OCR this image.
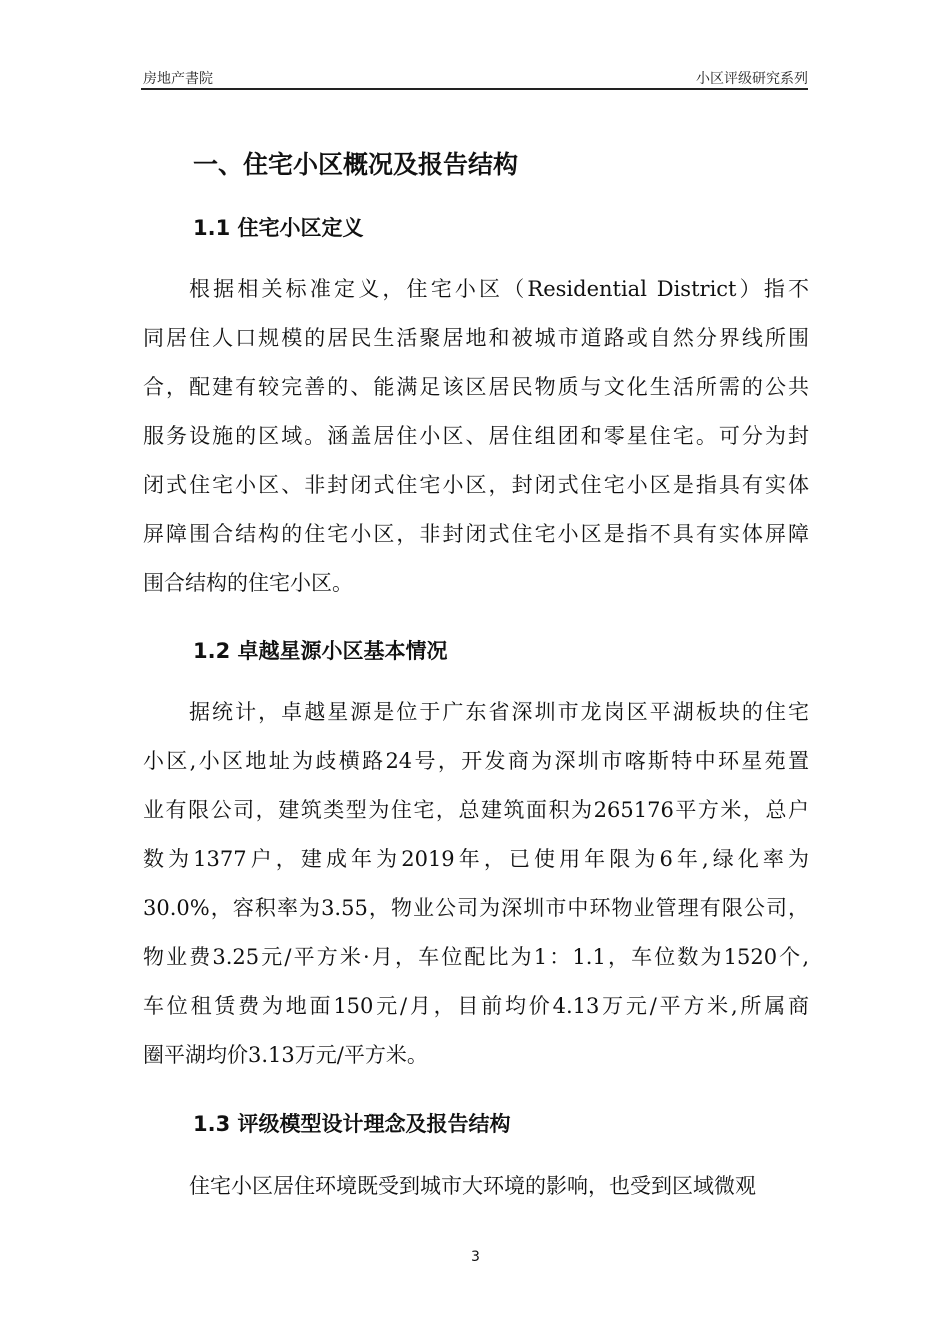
房地产書院	小区评级研究系列
一、住宅小区概况及报告结构
1.1 住宅小区定义
根据相关标准定义，住宅小区（Residential District）指不
同居住人口规模的居民生活聚居地和被城市道路或自然分界线所围
合，配建有较完善的、能满足该区居民物质与文化生活所需的公共
服务设施的区域。涵盖居住小区、居住组团和零星住宅。可分为封
闭式住宅小区、非封闭式住宅小区，封闭式住宅小区是指具有实体
屏障围合结构的住宅小区，非封闭式住宅小区是指不具有实体屏障
围合结构的住宅小区。
1.2 卓越星源小区基本情况
据统计，卓越星源是位于广东省深圳市龙岗区平湖板块的住宅
小区,小区地址为歧横路24号，开发商为深圳市喀斯特中环星苑置
业有限公司，建筑类型为住宅，总建筑面积为265176平方米，总户
数为1377户，建成年为2019年，已使用年限为6年,绿化率为
30.0%，容积率为3.55，物业公司为深圳市中环物业管理有限公司，
物业费3.25元/平方米·月，车位配比为1：1.1，车位数为1520个,
车位租赁费为地面150元/月，目前均价4.13万元/平方米,所属商
圈平湖均价3.13万元/平方米。
1.3 评级模型设计理念及报告结构
住宅小区居住环境既受到城市大环境的影响，也受到区域微观
3
